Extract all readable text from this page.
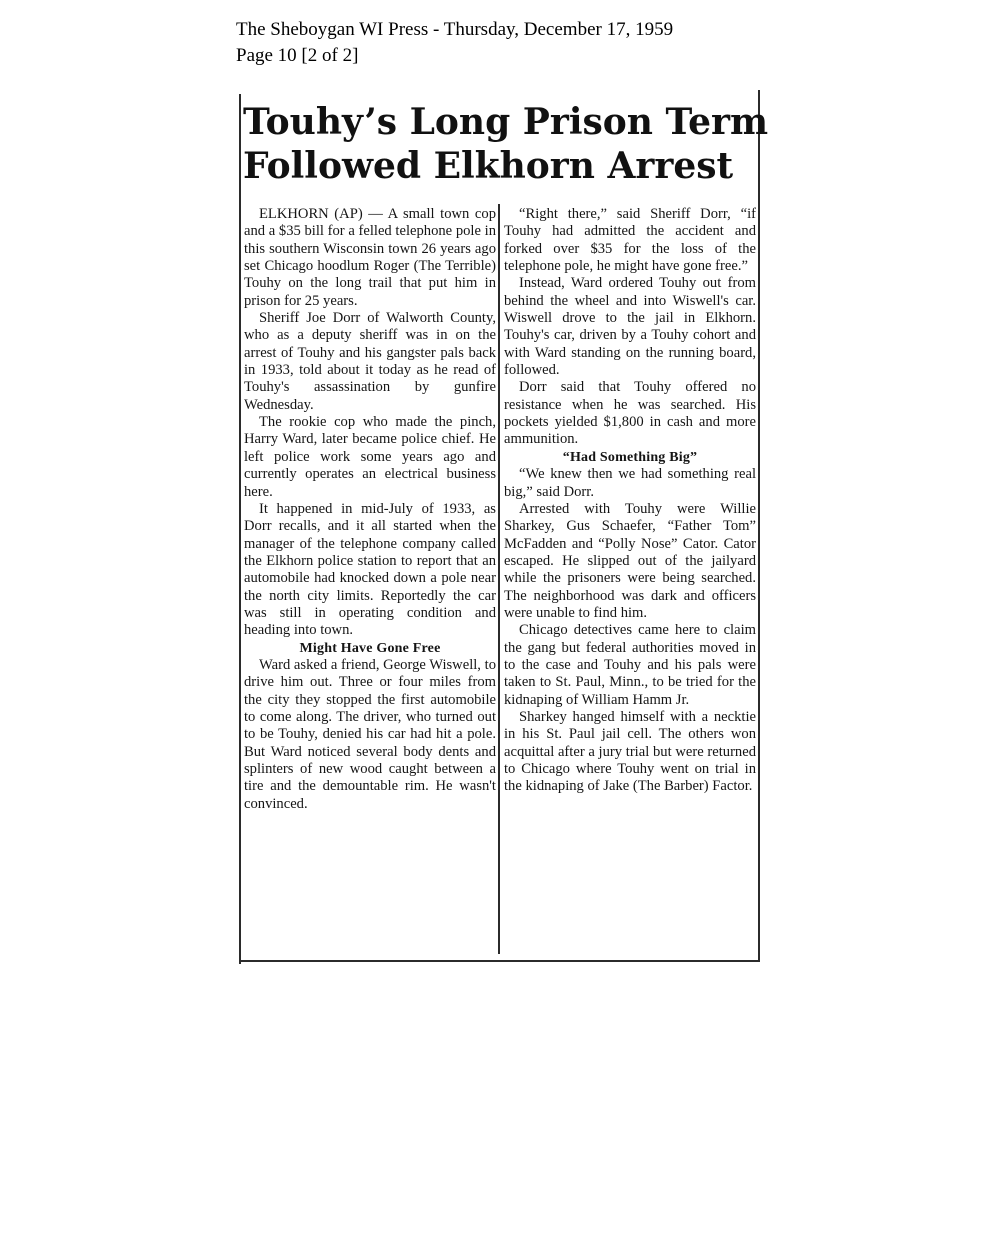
The Sheboygan WI Press - Thursday, December 17, 1959
Page 10 [2 of 2]
Touhy’s Long Prison Term
Followed Elkhorn Arrest

ELKHORN (AP) — A small town cop and a $35 bill for a felled telephone pole in this southern Wisconsin town 26 years ago set Chicago hoodlum Roger (The Terrible) Touhy on the long trail that put him in prison for 25 years.

Sheriff Joe Dorr of Walworth County, who as a deputy sheriff was in on the arrest of Touhy and his gangster pals back in 1933, told about it today as he read of Touhy's assassination by gunfire Wednesday.

The rookie cop who made the pinch, Harry Ward, later became police chief. He left police work some years ago and currently operates an electrical business here.

It happened in mid-July of 1933, as Dorr recalls, and it all started when the manager of the telephone company called the Elkhorn police station to report that an automobile had knocked down a pole near the north city limits. Reportedly the car was still in operating condition and heading into town.

Might Have Gone Free

Ward asked a friend, George Wiswell, to drive him out. Three or four miles from the city they stopped the first automobile to come along. The driver, who turned out to be Touhy, denied his car had hit a pole. But Ward noticed several body dents and splinters of new wood caught between a tire and the demountable rim. He wasn't convinced.

“Right there,” said Sheriff Dorr, “if Touhy had admitted the accident and forked over $35 for the loss of the telephone pole, he might have gone free.”

Instead, Ward ordered Touhy out from behind the wheel and into Wiswell's car. Wiswell drove to the jail in Elkhorn. Touhy's car, driven by a Touhy cohort and with Ward standing on the running board, followed.

Dorr said that Touhy offered no resistance when he was searched. His pockets yielded $1,800 in cash and more ammunition.

“Had Something Big”

“We knew then we had something real big,” said Dorr.

Arrested with Touhy were Willie Sharkey, Gus Schaefer, “Father Tom” McFadden and “Polly Nose” Cator. Cator escaped. He slipped out of the jailyard while the prisoners were being searched. The neighborhood was dark and officers were unable to find him.

Chicago detectives came here to claim the gang but federal authorities moved in to the case and Touhy and his pals were taken to St. Paul, Minn., to be tried for the kidnaping of William Hamm Jr.

Sharkey hanged himself with a necktie in his St. Paul jail cell. The others won acquittal after a jury trial but were returned to Chicago where Touhy went on trial in the kidnaping of Jake (The Barber) Factor.
